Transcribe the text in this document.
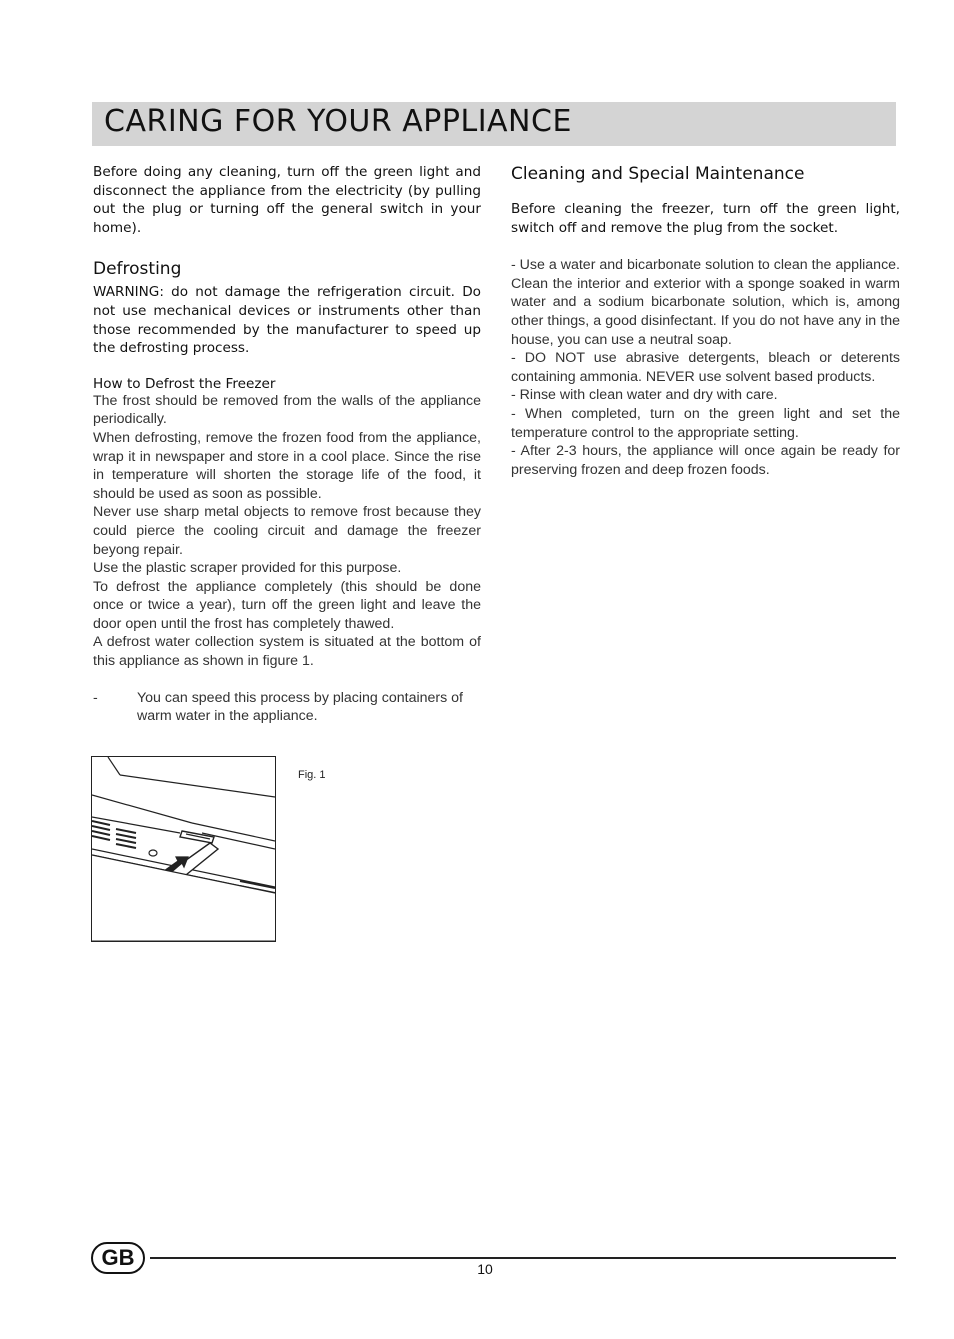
CARING FOR YOUR APPLIANCE

Before doing any cleaning, turn off the green light and disconnect the appliance from the electricity (by pulling out the plug or turning off the general switch in your home).

Defrosting

WARNING: do not damage the refrigeration circuit. Do not use mechanical devices or instruments other than those recommended by the manufacturer to speed up the defrosting process.

How to Defrost the Freezer

The frost should be removed from the walls of the appliance periodically.

When defrosting, remove the frozen food from the appliance, wrap it in newspaper and store in a cool place. Since the rise in temperature will shorten the storage life of the food, it should be used as soon as possible.

Never use sharp metal objects to remove frost because they could pierce the cooling circuit and damage the freezer beyong repair.

Use the plastic scraper provided for this purpose.

To defrost the appliance completely (this should be done once or twice a year), turn off the green light and leave the door open until the frost has completely thawed.

A defrost water collection system is situated at the bottom of this appliance as shown in figure 1.

-	You can speed this process by placing containers of warm water in the appliance.
Fig. 1
Cleaning and Special Maintenance

Before cleaning the freezer, turn off the green light, switch off and remove the plug from the socket.

- Use a water and bicarbonate solution to clean the appliance. Clean the interior and exterior with a sponge soaked in warm water and a sodium bicarbonate solution, which is, among other things, a good disinfectant. If you do not have any in the house, you can use a neutral soap.

- DO NOT use abrasive detergents, bleach or deterents containing ammonia. NEVER use solvent based products.

- Rinse with clean water and dry with care.

- When completed, turn on the green light and set the temperature control to the appropriate setting.

- After 2-3 hours, the appliance will once again be ready for preserving frozen and deep frozen foods.

GB	10
